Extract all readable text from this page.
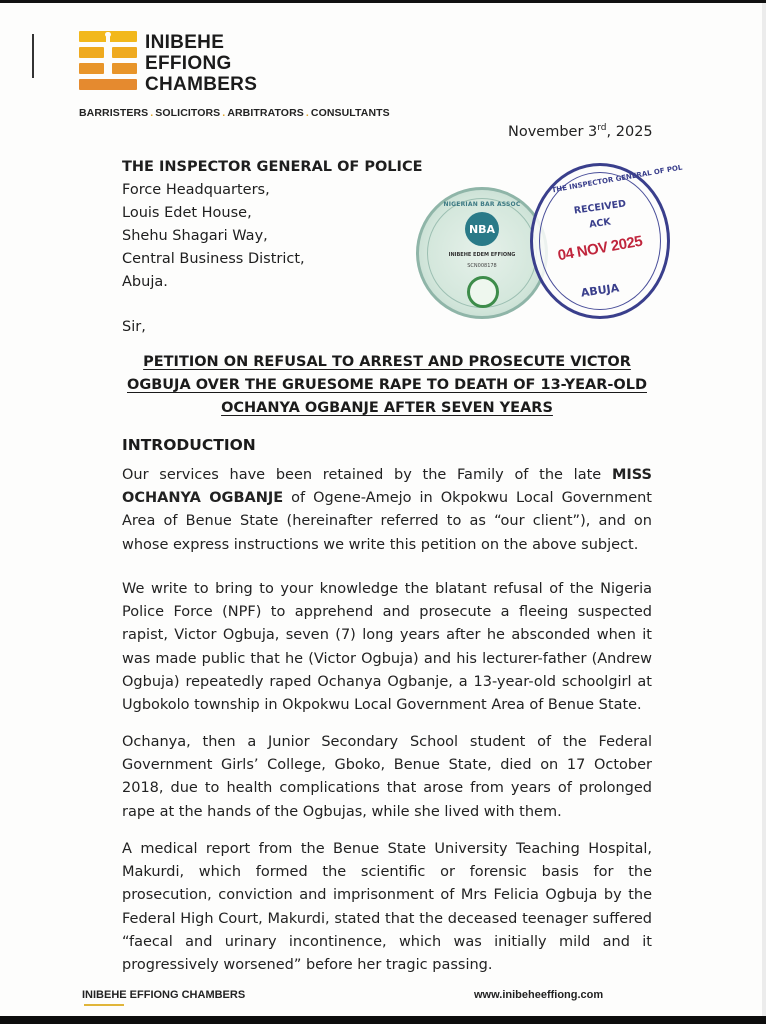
INIBEHE
EFFIONG
CHAMBERS
BARRISTERS . SOLICITORS . ARBITRATORS . CONSULTANTS
November 3rd, 2025
THE INSPECTOR GENERAL OF POLICE
Force Headquarters,
Louis Edet House,
Shehu Shagari Way,
Central Business District,
Abuja.
Sir,
NIGERIAN BAR ASSOC
NBA
INIBEHE EDEM EFFIONG
SCN008178
THE INSPECTOR GENERAL OF POL
RECEIVED
ACK
04 NOV 2025
ABUJA
PETITION ON REFUSAL TO ARREST AND PROSECUTE VICTOR OGBUJA OVER THE GRUESOME RAPE TO DEATH OF 13-YEAR-OLD OCHANYA OGBANJE AFTER SEVEN YEARS
INTRODUCTION
Our services have been retained by the Family of the late MISS OCHANYA OGBANJE of Ogene-Amejo in Okpokwu Local Government Area of Benue State (hereinafter referred to as “our client”), and on whose express instructions we write this petition on the above subject.
We write to bring to your knowledge the blatant refusal of the Nigeria Police Force (NPF) to apprehend and prosecute a fleeing suspected rapist, Victor Ogbuja, seven (7) long years after he absconded when it was made public that he (Victor Ogbuja) and his lecturer-father (Andrew Ogbuja) repeatedly raped Ochanya Ogbanje, a 13-year-old schoolgirl at Ugbokolo township in Okpokwu Local Government Area of Benue State.
Ochanya, then a Junior Secondary School student of the Federal Government Girls’ College, Gboko, Benue State, died on 17 October 2018, due to health complications that arose from years of prolonged rape at the hands of the Ogbujas, while she lived with them.
A medical report from the Benue State University Teaching Hospital, Makurdi, which formed the scientific or forensic basis for the prosecution, conviction and imprisonment of Mrs Felicia Ogbuja by the Federal High Court, Makurdi, stated that the deceased teenager suffered “faecal and urinary incontinence, which was initially mild and it progressively worsened” before her tragic passing.
INIBEHE EFFIONG CHAMBERS	www.inibeheeffiong.com
